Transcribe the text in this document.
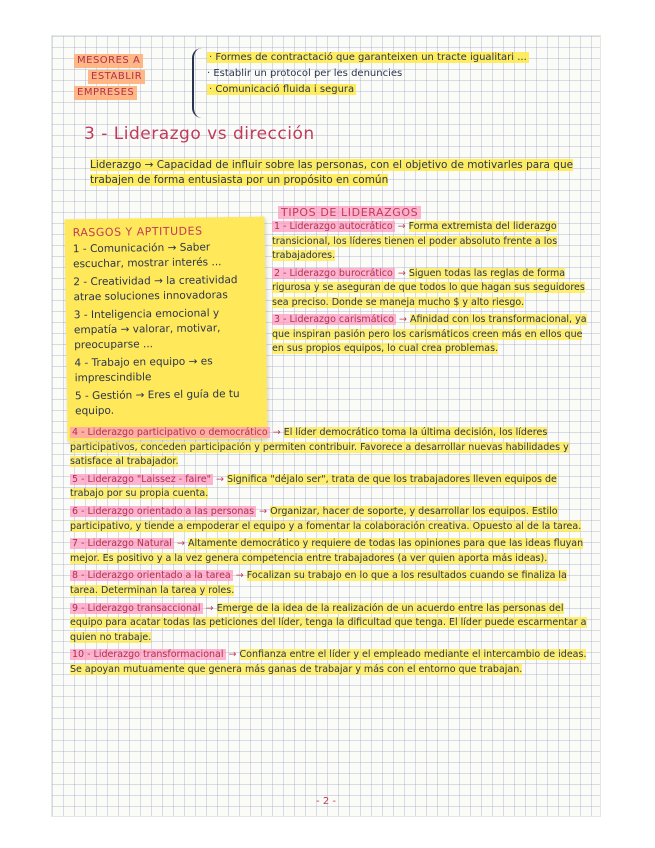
MESORES A
ESTABLIR
EMPRESES
· Formes de contractació que garanteixen un tracte igualitari ...
· Establir un protocol per les denuncies
· Comunicació fluida i segura
3 - Liderazgo vs dirección
Liderazgo → Capacidad de influir sobre las personas, con el objetivo de motivarles para que trabajen de forma entusiasta por un propósito en común
RASGOS Y APTITUDES
1 - Comunicación → Saber escuchar, mostrar interés ...
2 - Creatividad → la creatividad atrae soluciones innovadoras
3 - Inteligencia emocional y empatía → valorar, motivar, preocuparse ...
4 - Trabajo en equipo → es imprescindible
5 - Gestión → Eres el guía de tu equipo.
TIPOS DE LIDERAZGOS

1 - Liderazgo autocrático → Forma extremista del liderazgo transicional, los líderes tienen el poder absoluto frente a los trabajadores.

2 - Liderazgo burocrático → Siguen todas las reglas de forma rigurosa y se aseguran de que todos lo que hagan sus seguidores sea preciso. Donde se maneja mucho $ y alto riesgo.

3 - Liderazgo carismático → Afinidad con los transformacional, ya que inspiran pasión pero los carismáticos creen más en ellos que en sus propios equipos, lo cual crea problemas.

4 - Liderazgo participativo o democrático → El líder democrático toma la última decisión, los líderes participativos, conceden participación y permiten contribuir. Favorece a desarrollar nuevas habilidades y satisface al trabajador.

5 - Liderazgo "Laissez - faire" → Significa "déjalo ser", trata de que los trabajadores lleven equipos de trabajo por su propia cuenta.

6 - Liderazgo orientado a las personas → Organizar, hacer de soporte, y desarrollar los equipos. Estilo participativo, y tiende a empoderar el equipo y a fomentar la colaboración creativa. Opuesto al de la tarea.

7 - Liderazgo Natural → Altamente democrático y requiere de todas las opiniones para que las ideas fluyan mejor. Es positivo y a la vez genera competencia entre trabajadores (a ver quien aporta más ideas).

8 - Liderazgo orientado a la tarea → Focalizan su trabajo en lo que a los resultados cuando se finaliza la tarea. Determinan la tarea y roles.

9 - Liderazgo transaccional → Emerge de la idea de la realización de un acuerdo entre las personas del equipo para acatar todas las peticiones del líder, tenga la dificultad que tenga. El líder puede escarmentar a quien no trabaje.

10 - Liderazgo transformacional → Confianza entre el líder y el empleado mediante el intercambio de ideas. Se apoyan mutuamente que genera más ganas de trabajar y más con el entorno que trabajan.

- 2 -
